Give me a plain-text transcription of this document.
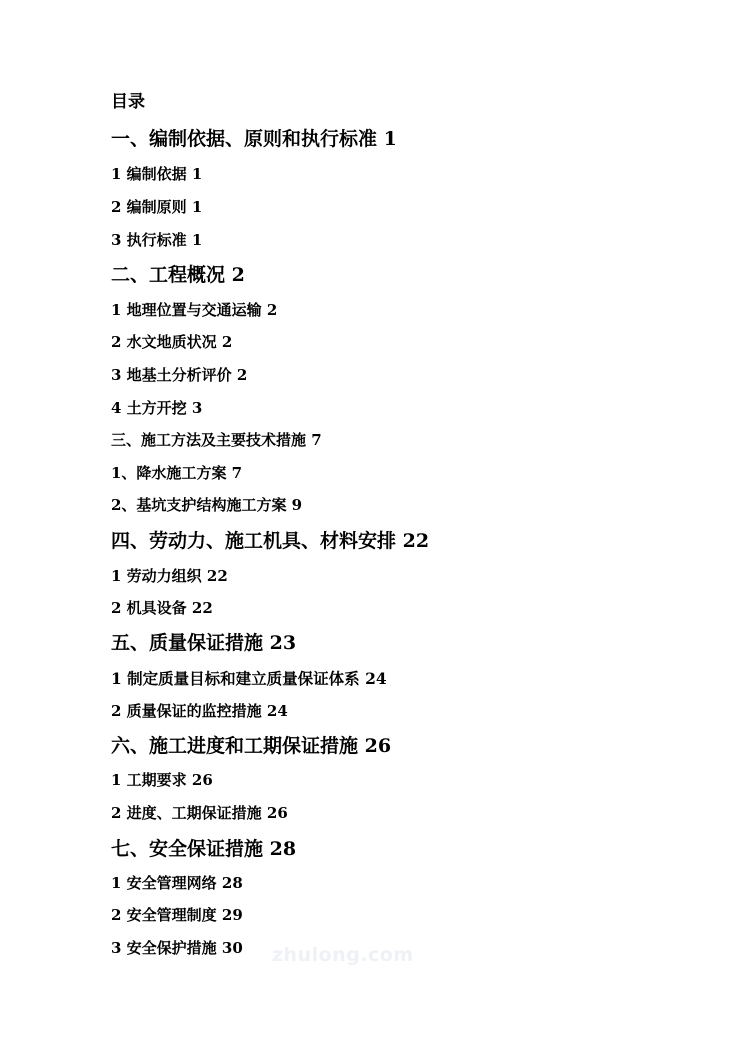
目录
一、编制依据、原则和执行标准 1
1 编制依据 1
2 编制原则 1
3 执行标准 1
二、工程概况 2
1 地理位置与交通运输 2
2 水文地质状况 2
3 地基土分析评价 2
4 土方开挖 3
三、施工方法及主要技术措施 7
1、降水施工方案 7
2、基坑支护结构施工方案 9
四、劳动力、施工机具、材料安排 22
1 劳动力组织 22
2 机具设备 22
五、质量保证措施 23
1 制定质量目标和建立质量保证体系 24
2 质量保证的监控措施 24
六、施工进度和工期保证措施 26
1 工期要求 26
2 进度、工期保证措施 26
七、安全保证措施 28
1 安全管理网络 28
2 安全管理制度 29
3 安全保护措施 30 zhulong.com
